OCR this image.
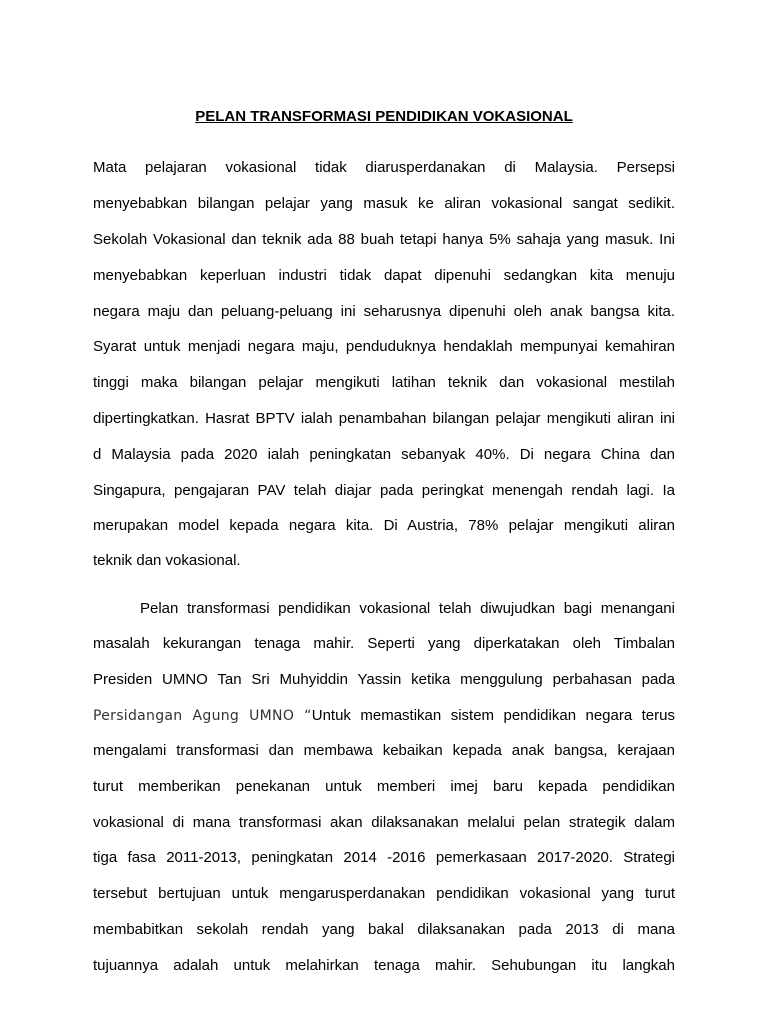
PELAN TRANSFORMASI PENDIDIKAN VOKASIONAL
Mata pelajaran vokasional tidak diarusperdanakan di Malaysia. Persepsi
menyebabkan bilangan pelajar yang masuk ke aliran vokasional sangat sedikit.
Sekolah Vokasional dan teknik ada 88 buah tetapi hanya 5% sahaja yang masuk. Ini
menyebabkan keperluan industri tidak dapat dipenuhi sedangkan kita menuju
negara maju dan peluang-peluang ini seharusnya dipenuhi oleh anak bangsa kita.
Syarat untuk menjadi negara maju, penduduknya hendaklah mempunyai kemahiran
tinggi maka bilangan pelajar mengikuti latihan teknik dan vokasional mestilah
dipertingkatkan. Hasrat BPTV ialah penambahan bilangan pelajar mengikuti aliran ini
d Malaysia pada 2020 ialah peningkatan sebanyak 40%. Di negara China dan
Singapura, pengajaran PAV telah diajar pada peringkat menengah rendah lagi. Ia
merupakan model kepada negara kita. Di Austria, 78% pelajar mengikuti aliran
teknik dan vokasional.
Pelan transformasi pendidikan vokasional telah diwujudkan bagi menangani
masalah kekurangan tenaga mahir. Seperti yang diperkatakan oleh Timbalan
Presiden UMNO Tan Sri Muhyiddin Yassin ketika menggulung perbahasan pada
Persidangan Agung UMNO “Untuk memastikan sistem pendidikan negara terus
mengalami transformasi dan membawa kebaikan kepada anak bangsa, kerajaan
turut memberikan penekanan untuk memberi imej baru kepada pendidikan
vokasional di mana transformasi akan dilaksanakan melalui pelan strategik dalam
tiga fasa 2011-2013, peningkatan 2014 -2016 pemerkasaan 2017-2020. Strategi
tersebut bertujuan untuk mengarusperdanakan pendidikan vokasional yang turut
membabitkan sekolah rendah yang bakal dilaksanakan pada 2013 di mana
tujuannya adalah untuk melahirkan tenaga mahir. Sehubungan itu langkah
